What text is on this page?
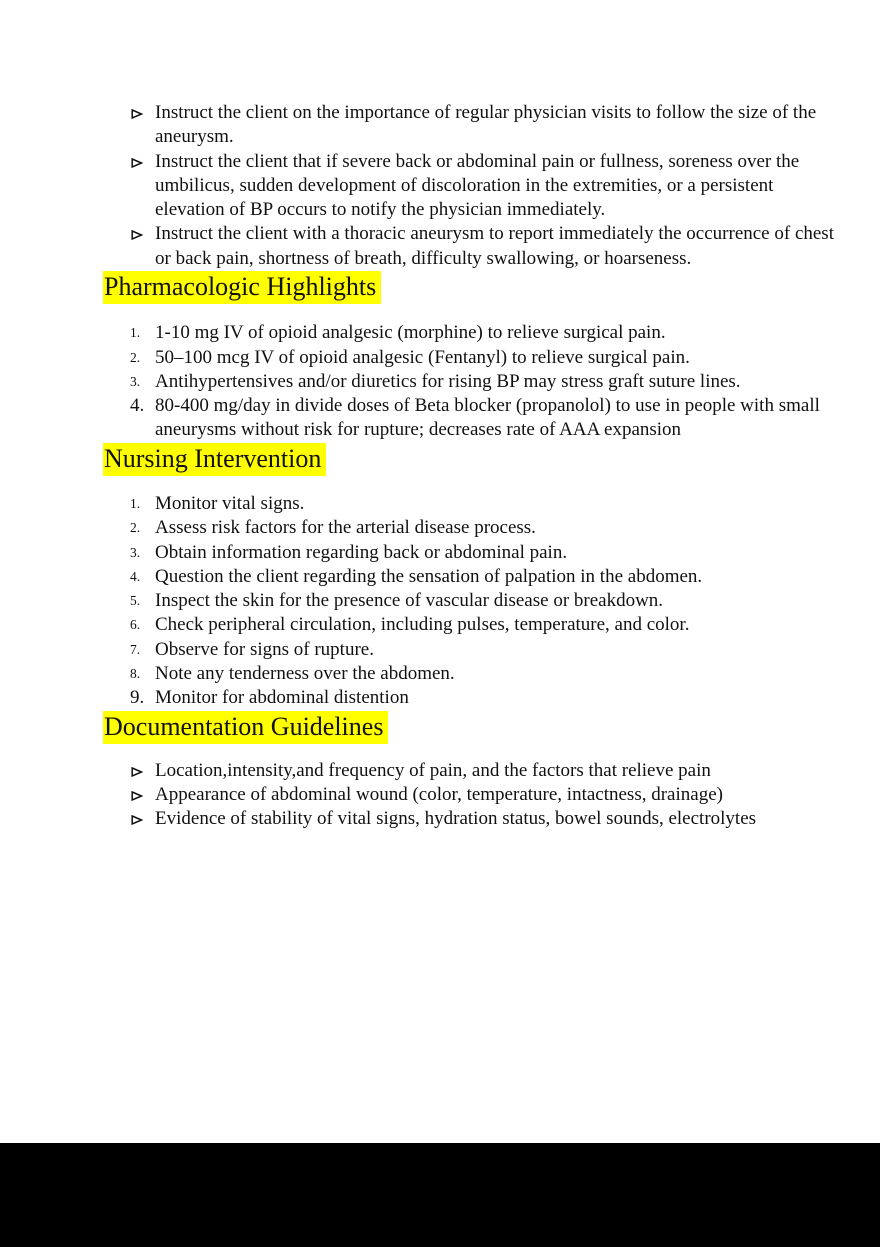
Instruct the client on the importance of regular physician visits to follow the size of the aneurysm.
Instruct the client that if severe back or abdominal pain or fullness, soreness over the umbilicus, sudden development of discoloration in the extremities, or a persistent elevation of BP occurs to notify the physician immediately.
Instruct the client with a thoracic aneurysm to report immediately the occurrence of chest or back pain, shortness of breath, difficulty swallowing, or hoarseness.
Pharmacologic Highlights
1. 1-10 mg IV of opioid analgesic (morphine) to relieve surgical pain.
2. 50–100 mcg IV of opioid analgesic (Fentanyl) to relieve surgical pain.
3. Antihypertensives and/or diuretics for rising BP may stress graft suture lines.
4. 80-400 mg/day in divide doses of Beta blocker (propanolol) to use in people with small aneurysms without risk for rupture; decreases rate of AAA expansion
Nursing Intervention
1. Monitor vital signs.
2. Assess risk factors for the arterial disease process.
3. Obtain information regarding back or abdominal pain.
4. Question the client regarding the sensation of palpation in the abdomen.
5. Inspect the skin for the presence of vascular disease or breakdown.
6. Check peripheral circulation, including pulses, temperature, and color.
7. Observe for signs of rupture.
8. Note any tenderness over the abdomen.
9. Monitor for abdominal distention
Documentation Guidelines
Location,intensity,and frequency of pain, and the factors that relieve pain
Appearance of abdominal wound (color, temperature, intactness, drainage)
Evidence of stability of vital signs, hydration status, bowel sounds, electrolytes
